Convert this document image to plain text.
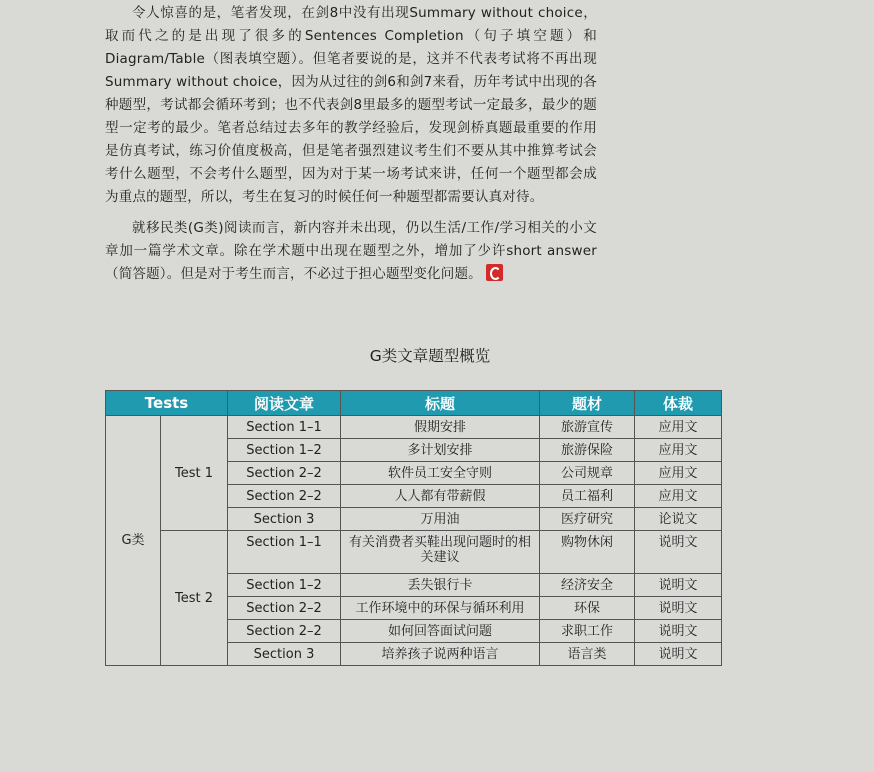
令人惊喜的是，笔者发现，在剑8中没有出现Summary without choice，取而代之的是出现了很多的Sentences Completion（句子填空题）和Diagram/Table（图表填空题）。但笔者要说的是，这并不代表考试将不再出现Summary without choice，因为从过往的剑6和剑7来看，历年考试中出现的各种题型，考试都会循环考到；也不代表剑8里最多的题型考试一定最多，最少的题型一定考的最少。笔者总结过去多年的教学经验后，发现剑桥真题最重要的作用是仿真考试，练习价值度极高，但是笔者强烈建议考生们不要从其中推算考试会考什么题型，不会考什么题型，因为对于某一场考试来讲，任何一个题型都会成为重点的题型，所以，考生在复习的时候任何一种题型都需要认真对待。

就移民类(G类)阅读而言，新内容并未出现，仍以生活/工作/学习相关的小文章加一篇学术文章。除在学术题中出现在题型之外，增加了少许short answer（简答题）。但是对于考生而言，不必过于担心题型变化问题。

G类文章题型概览
Tests		阅读文章	标题	题材	体裁
G类	Test 1	Section 1–1	假期安排	旅游宣传	应用文
		Section 1–2	多计划安排	旅游保险	应用文
		Section 2–2	软件员工安全守则	公司规章	应用文
		Section 2–2	人人都有带薪假	员工福利	应用文
		Section 3	万用油	医疗研究	论说文
	Test 2	Section 1–1	有关消费者买鞋出现问题时的相关建议	购物休闲	说明文
		Section 1–2	丢失银行卡	经济安全	说明文
		Section 2–2	工作环境中的环保与循环利用	环保	说明文
		Section 2–2	如何回答面试问题	求职工作	说明文
		Section 3	培养孩子说两种语言	语言类	说明文
